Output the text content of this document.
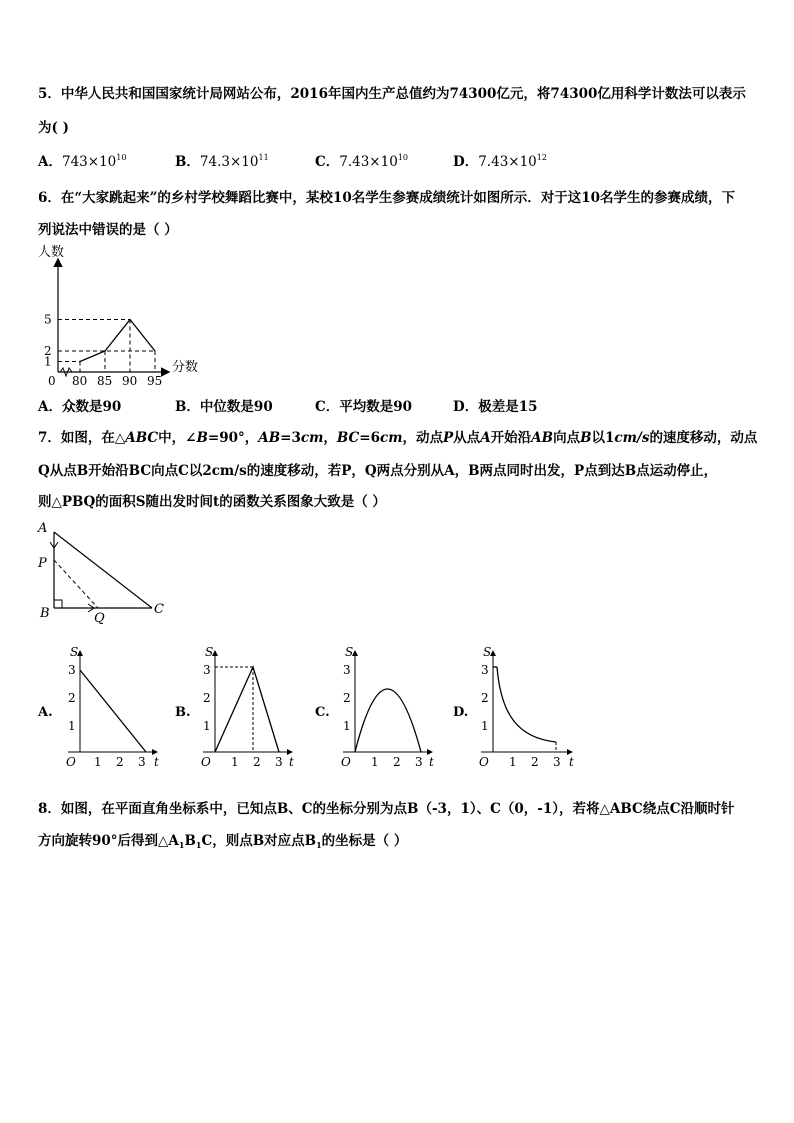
5．中华人民共和国国家统计局网站公布，2016年国内生产总值约为74300亿元，将74300亿用科学计数法可以表示
为( )
A．$743\times 10^{10}$	B．$74.3\times 10^{11}$	C．$7.43\times 10^{10}$	D．$7.43\times 10^{12}$
6．在“大家跳起来”的乡村学校舞蹈比赛中，某校10名学生参赛成绩统计如图所示．对于这10名学生的参赛成绩，下
列说法中错误的是（ ）
人数
分数
0 80 85 90 95
1
2
5
A．众数是90	B．中位数是90	C．平均数是90	D．极差是15
7．如图，在△ABC中，∠B=90°，AB=3cm，BC=6cm，动点P从点A开始沿AB向点B以1cm/s的速度移动，动点
Q从点B开始沿BC向点C以2cm/s的速度移动，若P，Q两点分别从A，B两点同时出发，P点到达B点运动停止，
则△PBQ的面积S随出发时间t的函数关系图象大致是（ ）
A
P
B	Q
C
A.
S
t
O 1 2 3
1
2
3
B.
S
t
O 1 2 3
1
2
3
C.
S
t
O 1 2 3
1
2
3
D.
S
t
O 1 2 3
1
2
3
8．如图，在平面直角坐标系中，已知点B、C的坐标分别为点B（-3，1）、C（0，-1），若将△ABC绕点C沿顺时针
方向旋转90°后得到$\triangle A_1B_1C$，则点B对应点$B_1$的坐标是（ ）
